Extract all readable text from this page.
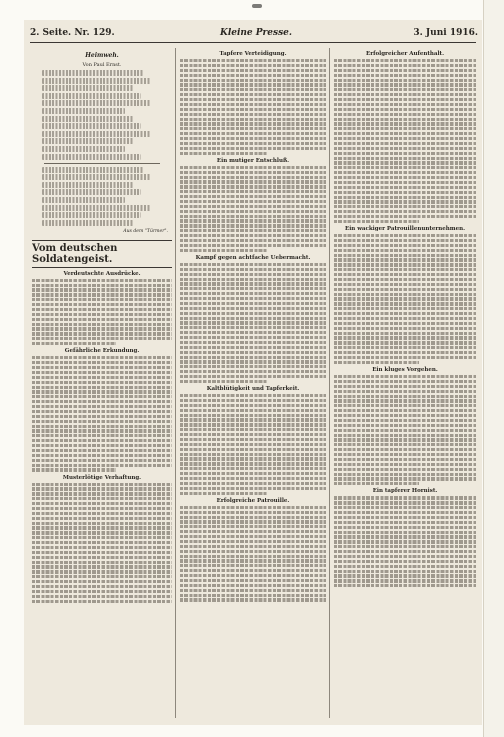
2. Seite. Nr. 129.	Kleine Presse.	3. Juni 1916.
Heimweh.
Von Paul Ernst.
Aus dem "Türmer".
Vom deutschen Soldatengeist.
Verdeutschte Ausdrücke.
Gefährliche Erkundung.
Musterlötige Verhaftung.
Tapfere Verteidigung.
Ein mutiger Entschluß.
Kampf gegen achtfache Uebermacht.
Kaltblütigkeit und Tapferkeit.
Erfolgreiche Patrouille.
Erfolgreicher Aufenthalt.
Ein wackiger Patrouillenunternehmen.
Ein kluges Vorgehen.
Ein tapferer Hornist.
